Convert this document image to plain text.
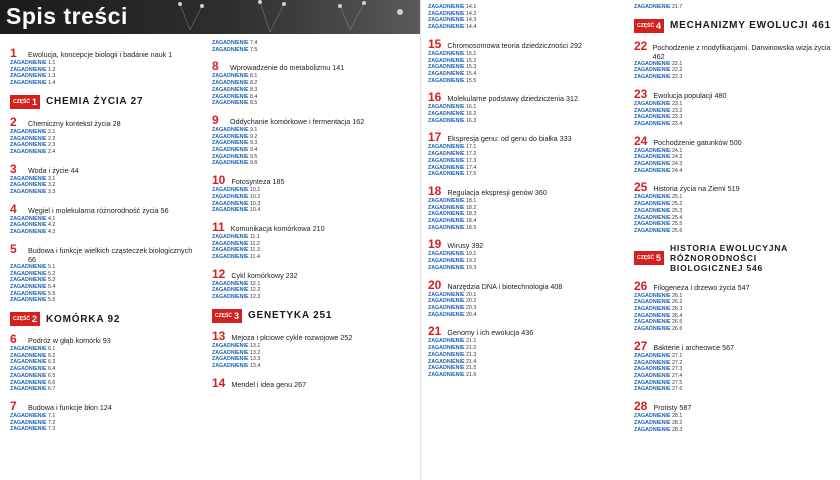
Spis treści
1	Ewolucja, koncepcje biologii i badanie nauk 1
ZAGADNIENIE 1.1
ZAGADNIENIE 1.2
ZAGADNIENIE 1.3
ZAGADNIENIE 1.4
CZĘŚĆ 1 CHEMIA ŻYCIA 27
2	Chemiczny kontekst życia 28
ZAGADNIENIE 2.1
ZAGADNIENIE 2.2
ZAGADNIENIE 2.3
ZAGADNIENIE 2.4
3	Woda i życie 44
ZAGADNIENIE 3.1
ZAGADNIENIE 3.2
ZAGADNIENIE 3.3
4	Węgiel i molekularna różnorodność życia 56
ZAGADNIENIE 4.1
ZAGADNIENIE 4.2
ZAGADNIENIE 4.3
5	Budowa i funkcje wielkich cząsteczek biologicznych 66
ZAGADNIENIE 5.1
ZAGADNIENIE 5.2
ZAGADNIENIE 5.3
ZAGADNIENIE 5.4
ZAGADNIENIE 5.5
ZAGADNIENIE 5.6
CZĘŚĆ 2 KOMÓRKA 92
6	Podróż w głąb komórki 93
ZAGADNIENIE 6.1
ZAGADNIENIE 6.2
ZAGADNIENIE 6.3
ZAGADNIENIE 6.4
ZAGADNIENIE 6.5
ZAGADNIENIE 6.6
ZAGADNIENIE 6.7
7	Budowa i funkcje błon 124
ZAGADNIENIE 7.1
ZAGADNIENIE 7.2
ZAGADNIENIE 7.3
ZAGADNIENIE 7.4
ZAGADNIENIE 7.5
8	Wprowadzenie do metabolizmu 141
ZAGADNIENIE 8.1
ZAGADNIENIE 8.2
ZAGADNIENIE 8.3
ZAGADNIENIE 8.4
ZAGADNIENIE 8.5
9	Oddychanie komórkowe i fermentacja 162
ZAGADNIENIE 9.1
ZAGADNIENIE 9.2
ZAGADNIENIE 9.3
ZAGADNIENIE 9.4
ZAGADNIENIE 9.5
ZAGADNIENIE 9.6
10 Fotosynteza 185
ZAGADNIENIE 10.1
ZAGADNIENIE 10.2
ZAGADNIENIE 10.3
ZAGADNIENIE 10.4
11 Komunikacja komórkowa 210
ZAGADNIENIE 11.1
ZAGADNIENIE 11.2
ZAGADNIENIE 11.3
ZAGADNIENIE 11.4
12 Cykl komórkowy 232
ZAGADNIENIE 12.1
ZAGADNIENIE 12.2
ZAGADNIENIE 12.3
CZĘŚĆ 3 GENETYKA 251
13 Mejoza i płciowe cykle rozwojowe 252
ZAGADNIENIE 13.1
ZAGADNIENIE 13.2
ZAGADNIENIE 13.3
ZAGADNIENIE 13.4
14 Mendel i idea genu 267
ZAGADNIENIE 14.1
ZAGADNIENIE 14.2
ZAGADNIENIE 14.3
ZAGADNIENIE 14.4
15 Chromosomowa teoria dziedziczności 292
ZAGADNIENIE 15.1
ZAGADNIENIE 15.2
ZAGADNIENIE 15.3
ZAGADNIENIE 15.4
ZAGADNIENIE 15.5
16 Molekularne podstawy dziedziczenia 312
ZAGADNIENIE 16.1
ZAGADNIENIE 16.2
ZAGADNIENIE 16.3
17 Ekspresja genu: od genu do białka 333
ZAGADNIENIE 17.1
ZAGADNIENIE 17.2
ZAGADNIENIE 17.3
ZAGADNIENIE 17.4
ZAGADNIENIE 17.5
18 Regulacja ekspresji genów 360
ZAGADNIENIE 18.1
ZAGADNIENIE 18.2
ZAGADNIENIE 18.3
ZAGADNIENIE 18.4
ZAGADNIENIE 18.5
19 Wirusy 392
ZAGADNIENIE 19.1
ZAGADNIENIE 19.2
ZAGADNIENIE 19.3
20 Narzędzia DNA i biotechnologia 408
ZAGADNIENIE 20.1
ZAGADNIENIE 20.2
ZAGADNIENIE 20.3
ZAGADNIENIE 20.4
21 Genomy i ich ewolucja 436
ZAGADNIENIE 21.1
ZAGADNIENIE 21.2
ZAGADNIENIE 21.3
ZAGADNIENIE 21.4
ZAGADNIENIE 21.5
ZAGADNIENIE 21.6
ZAGADNIENIE 21.7
CZĘŚĆ 4 MECHANIZMY EWOLUCJI 461
22 Pochodzenie z modyfikacjami. Darwinowska wizja życia 462
ZAGADNIENIE 22.1
ZAGADNIENIE 22.2
ZAGADNIENIE 22.3
23 Ewolucja populacji 480
ZAGADNIENIE 23.1
ZAGADNIENIE 23.2
ZAGADNIENIE 23.3
ZAGADNIENIE 23.4
24 Pochodzenie gatunków 500
ZAGADNIENIE 24.1
ZAGADNIENIE 24.2
ZAGADNIENIE 24.3
ZAGADNIENIE 24.4
25 Historia życia na Ziemi 519
ZAGADNIENIE 25.1
ZAGADNIENIE 25.2
ZAGADNIENIE 25.3
ZAGADNIENIE 25.4
ZAGADNIENIE 25.5
ZAGADNIENIE 25.6
CZĘŚĆ 5
HISTORIA EWOLUCYJNA RÓŻNORODNOŚCI BIOLOGICZNEJ 546
26 Filogeneza i drzewo życia 547
ZAGADNIENIE 26.1
ZAGADNIENIE 26.2
ZAGADNIENIE 26.3
ZAGADNIENIE 26.4
ZAGADNIENIE 26.5
ZAGADNIENIE 26.6
27 Bakterie i archeowce 567
ZAGADNIENIE 27.1
ZAGADNIENIE 27.2
ZAGADNIENIE 27.3
ZAGADNIENIE 27.4
ZAGADNIENIE 27.5
ZAGADNIENIE 27.6
28 Protisty 587
ZAGADNIENIE 28.1
ZAGADNIENIE 28.2
ZAGADNIENIE 28.3
